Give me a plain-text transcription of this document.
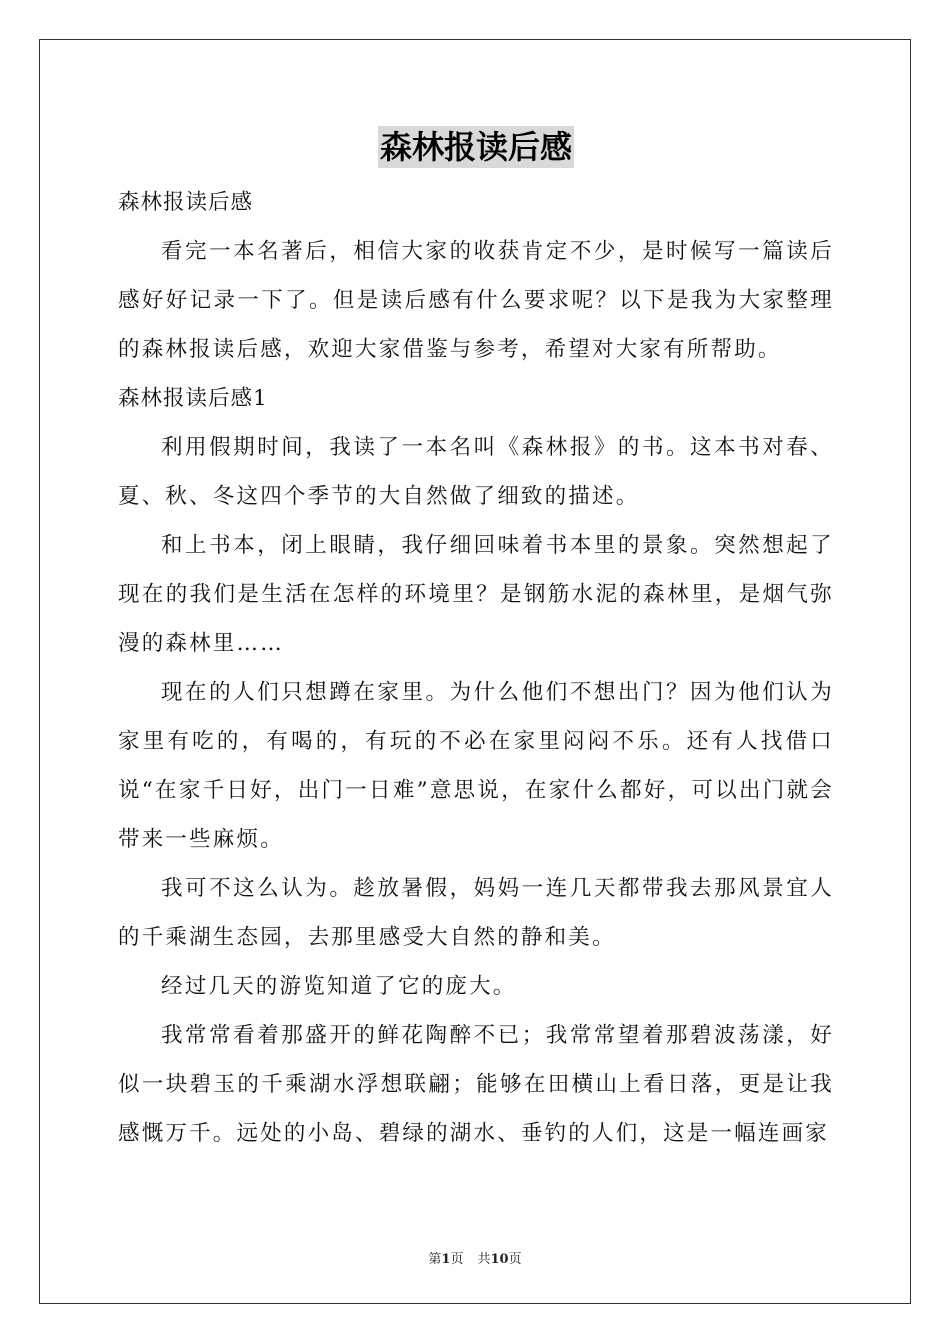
森林报读后感

森林报读后感

看完一本名著后，相信大家的收获肯定不少，是时候写一篇读后感好好记录一下了。但是读后感有什么要求呢？以下是我为大家整理的森林报读后感，欢迎大家借鉴与参考，希望对大家有所帮助。

森林报读后感1

利用假期时间，我读了一本名叫《森林报》的书。这本书对春、夏、秋、冬这四个季节的大自然做了细致的描述。

和上书本，闭上眼睛，我仔细回味着书本里的景象。突然想起了现在的我们是生活在怎样的环境里？是钢筋水泥的森林里，是烟气弥漫的森林里……

现在的人们只想蹲在家里。为什么他们不想出门？因为他们认为家里有吃的，有喝的，有玩的不必在家里闷闷不乐。还有人找借口说“在家千日好，出门一日难”意思说，在家什么都好，可以出门就会带来一些麻烦。

我可不这么认为。趁放暑假，妈妈一连几天都带我去那风景宜人的千乘湖生态园，去那里感受大自然的静和美。

经过几天的游览知道了它的庞大。

我常常看着那盛开的鲜花陶醉不已；我常常望着那碧波荡漾，好似一块碧玉的千乘湖水浮想联翩；能够在田横山上看日落，更是让我感慨万千。远处的小岛、碧绿的湖水、垂钓的人们，这是一幅连画家

第1页 共10页
